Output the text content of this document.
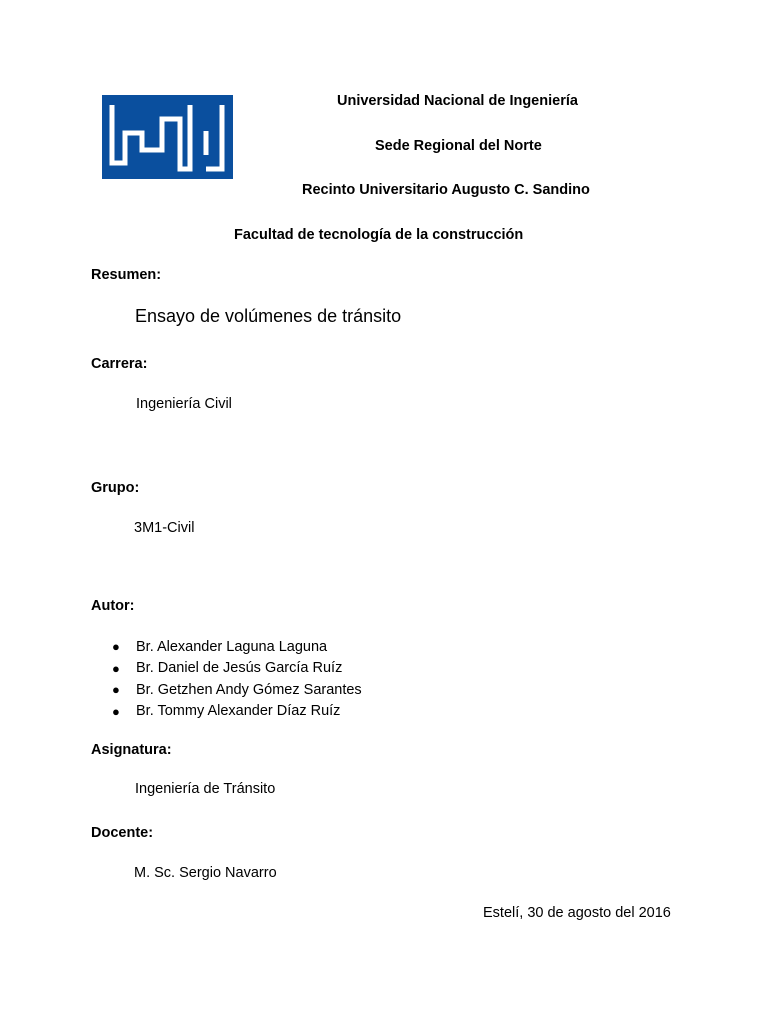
Universidad Nacional de Ingeniería
Sede Regional del Norte
Recinto Universitario Augusto C. Sandino
Facultad de tecnología de la construcción
Resumen:
Ensayo de volúmenes de tránsito
Carrera:
Ingeniería Civil
Grupo:
3M1-Civil
Autor:
●	Br. Alexander Laguna Laguna
●	Br. Daniel de Jesús García Ruíz
●	Br. Getzhen Andy Gómez Sarantes
●	Br. Tommy Alexander Díaz Ruíz
Asignatura:
Ingeniería de Tránsito
Docente:
M. Sc. Sergio Navarro
Estelí, 30 de agosto del 2016
